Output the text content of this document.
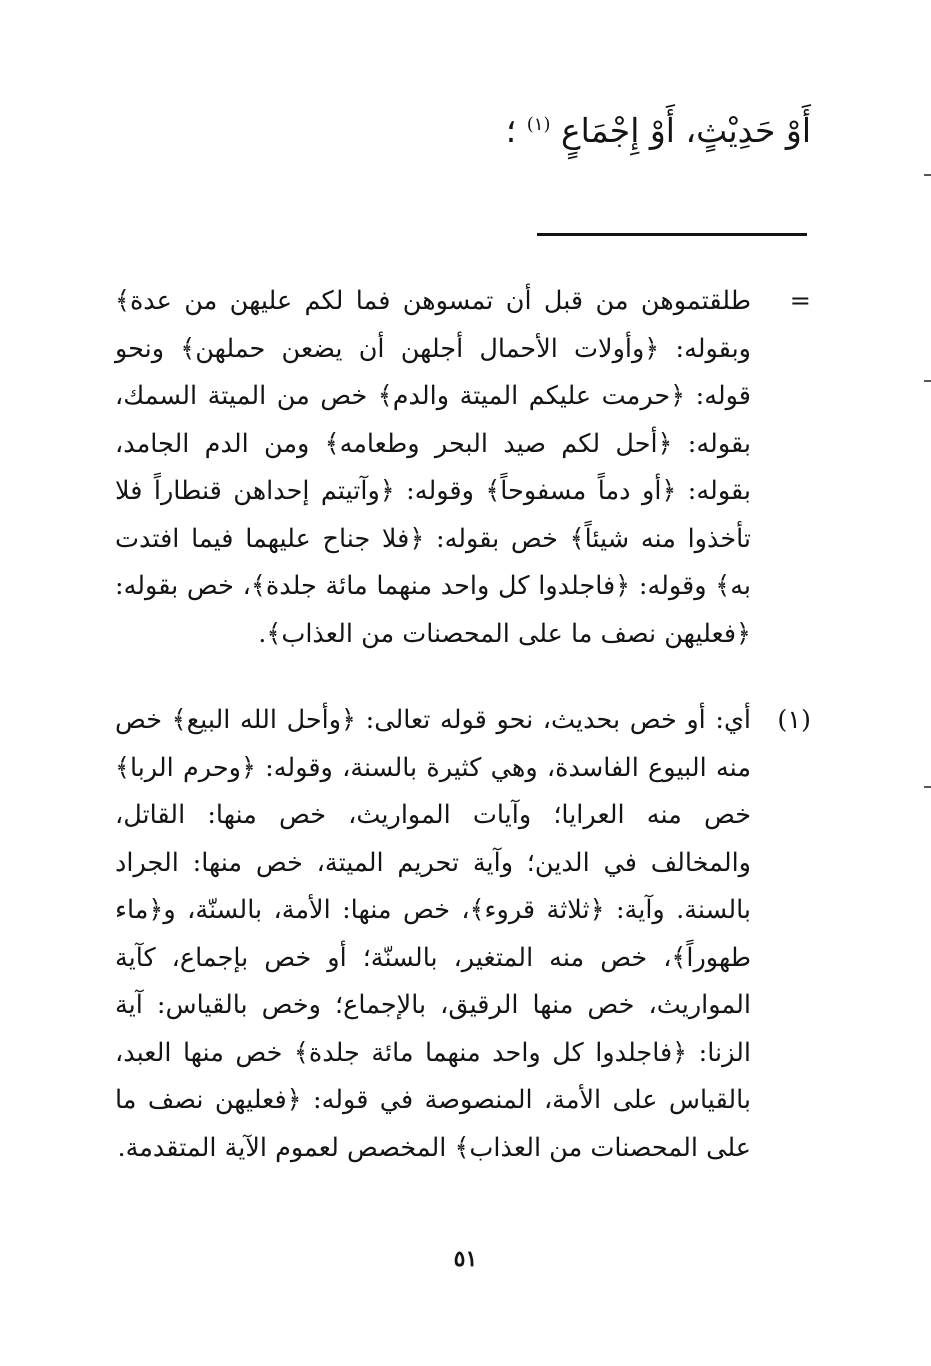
أَوْ حَدِيْثٍ، أَوْ إِجْمَاعٍ $^{(١)}$ ؛
=

طلقتموهن من قبل أن تمسوهن فما لكم عليهن من عدة﴾ وبقوله: ﴿وأولات الأحمال أجلهن أن يضعن حملهن﴾ ونحو قوله: ﴿حرمت عليكم الميتة والدم﴾ خص من الميتة السمك، بقوله: ﴿أحل لكم صيد البحر وطعامه﴾ ومن الدم الجامد، بقوله: ﴿أو دماً مسفوحاً﴾ وقوله: ﴿وآتيتم إحداهن قنطاراً فلا تأخذوا منه شيئاً﴾ خص بقوله: ﴿فلا جناح عليهما فيما افتدت به﴾ وقوله: ﴿فاجلدوا كل واحد منهما مائة جلدة﴾، خص بقوله: ﴿فعليهن نصف ما على المحصنات من العذاب﴾.

(١)

أي: أو خص بحديث، نحو قوله تعالى: ﴿وأحل الله البيع﴾ خص منه البيوع الفاسدة، وهي كثيرة بالسنة، وقوله: ﴿وحرم الربا﴾ خص منه العرايا؛ وآيات المواريث، خص منها: القاتل، والمخالف في الدين؛ وآية تحريم الميتة، خص منها: الجراد بالسنة. وآية: ﴿ثلاثة قروء﴾، خص منها: الأمة، بالسنّة، و﴿ماء طهوراً﴾، خص منه المتغير، بالسنّة؛ أو خص بإجماع، كآية المواريث، خص منها الرقيق، بالإجماع؛ وخص بالقياس: آية الزنا: ﴿فاجلدوا كل واحد منهما مائة جلدة﴾ خص منها العبد، بالقياس على الأمة، المنصوصة في قوله: ﴿فعليهن نصف ما على المحصنات من العذاب﴾ المخصص لعموم الآية المتقدمة.

٥١
